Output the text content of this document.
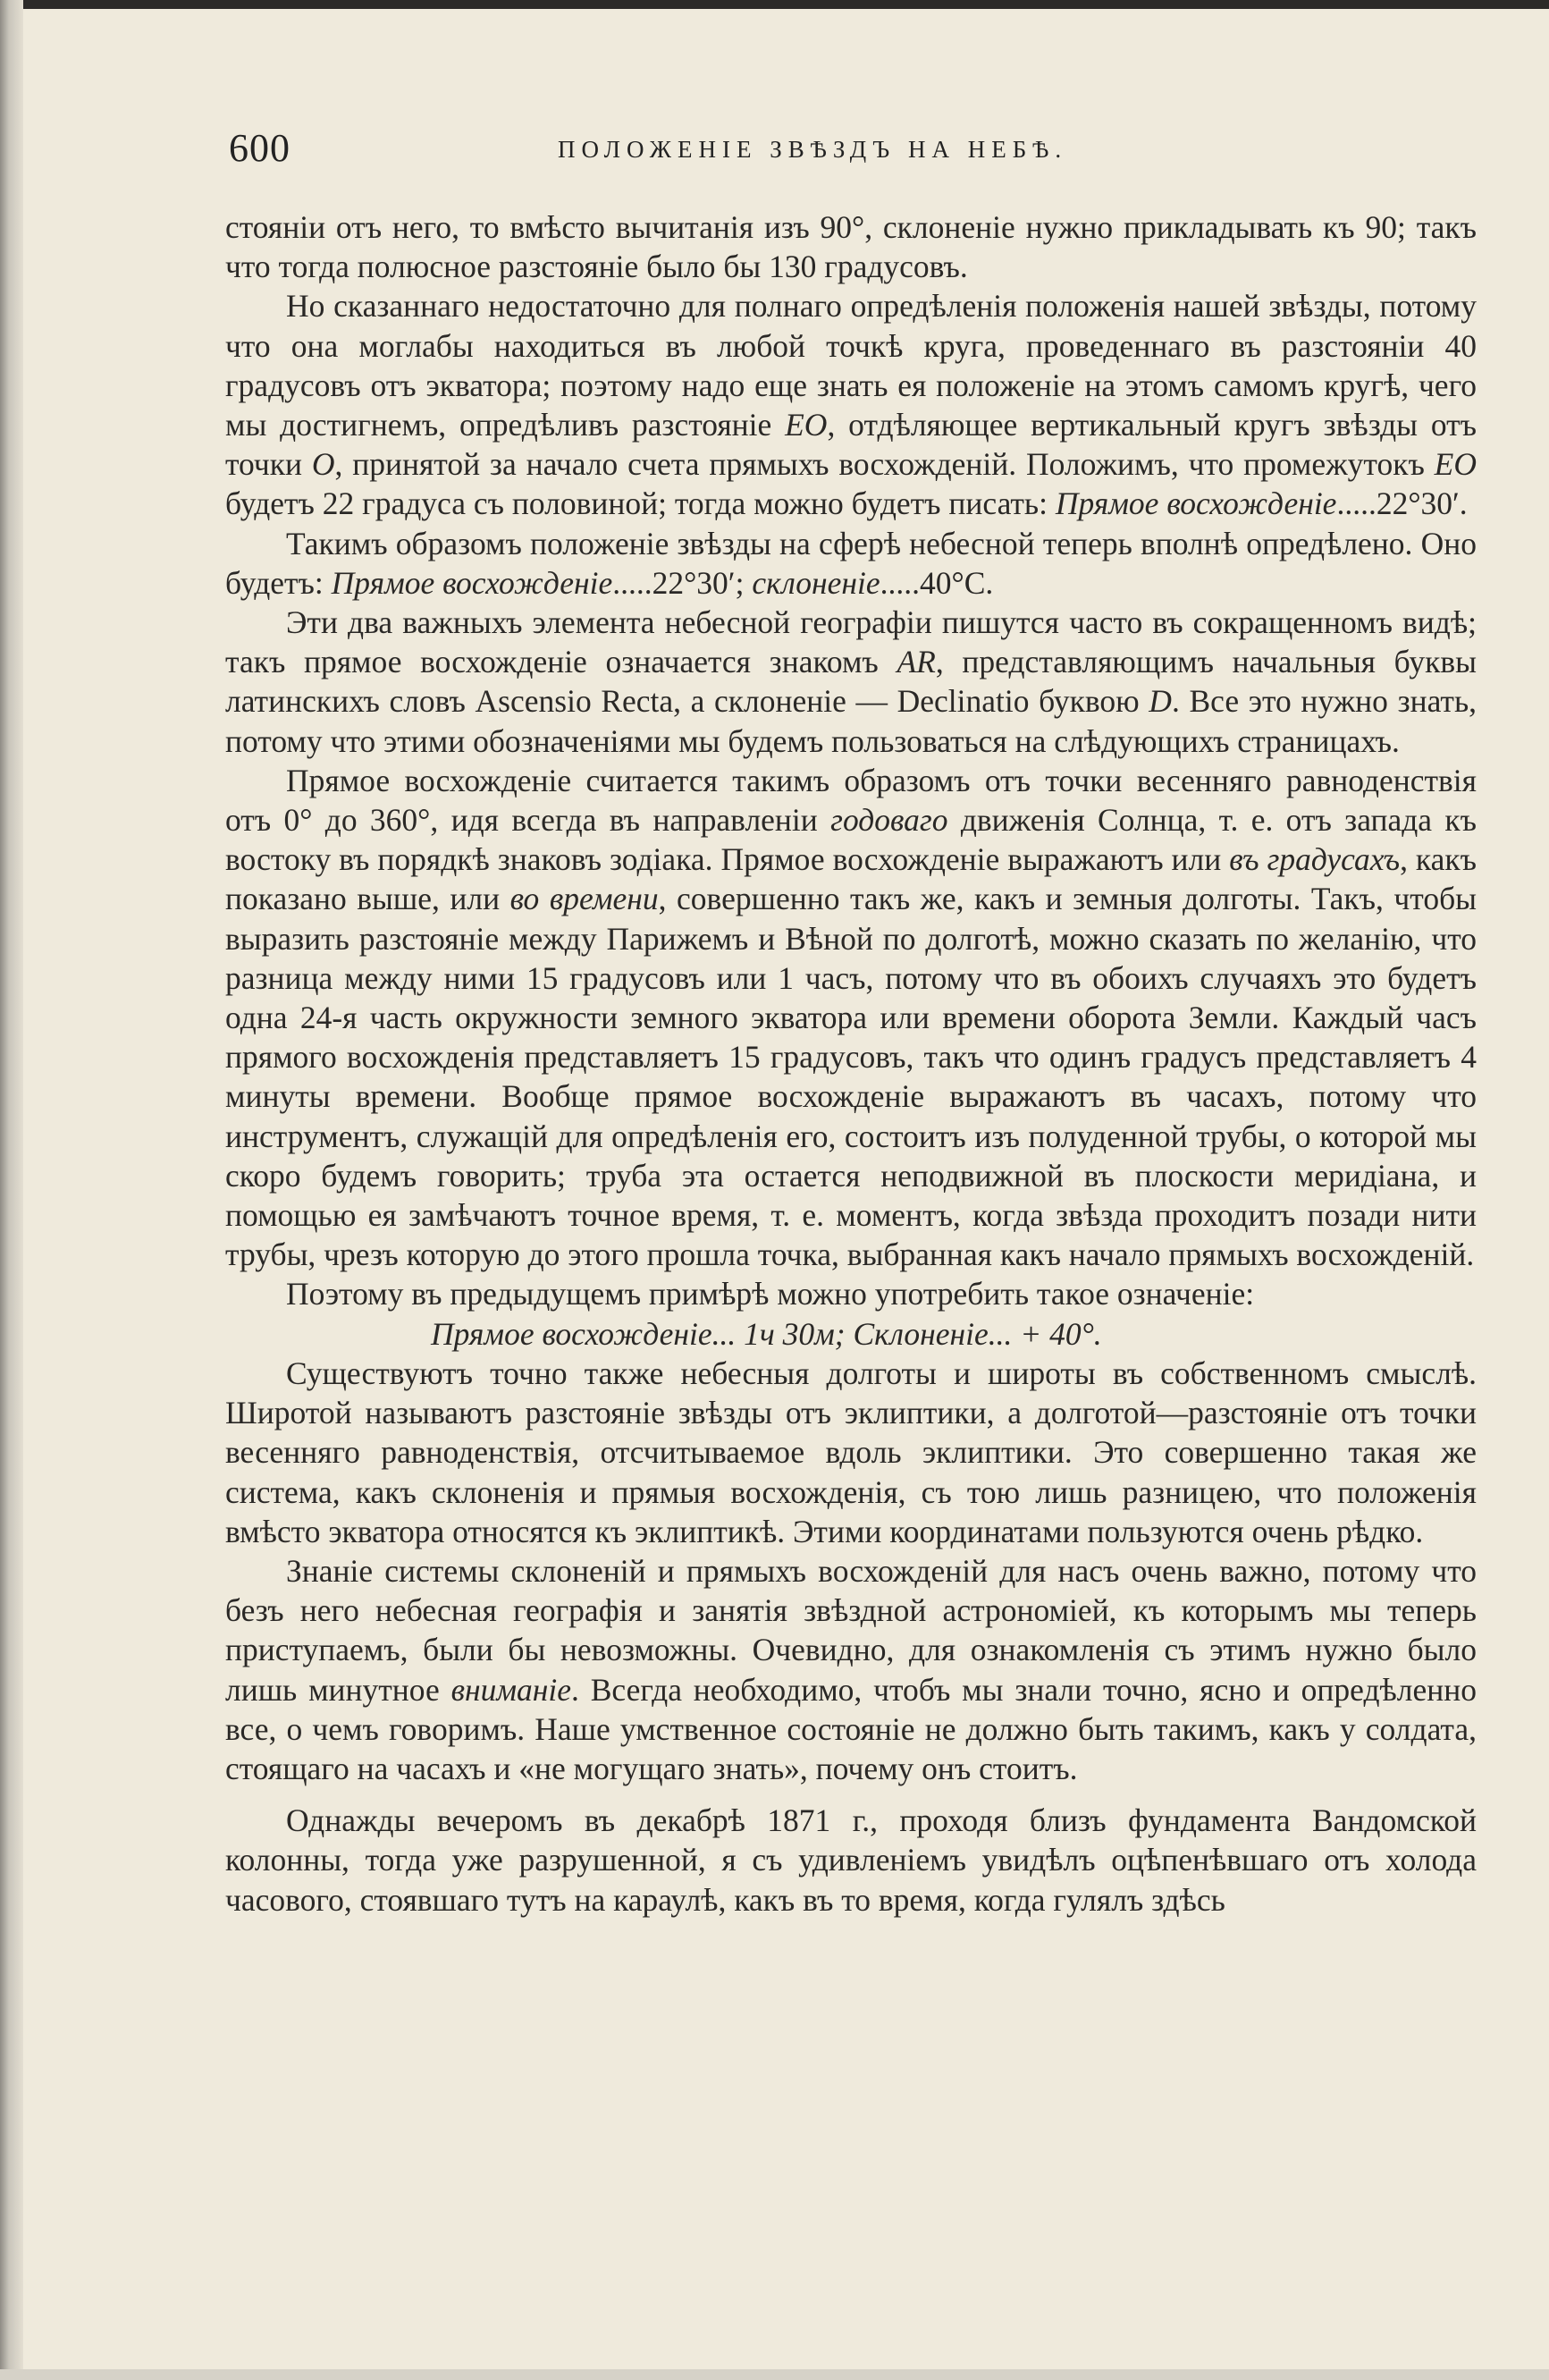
600	ПОЛОЖЕНІЕ ЗВѢЗДЪ НА НЕБѢ.

стояніи отъ него, то вмѣсто вычитанія изъ 90°, склоненіе нужно прикладывать къ 90; такъ что тогда полюсное разстояніе было бы 130 градусовъ.

Но сказаннаго недостаточно для полнаго опредѣленія положенія нашей звѣзды, потому что она моглабы находиться въ любой точкѣ круга, проведеннаго въ разстояніи 40 градусовъ отъ экватора; поэтому надо еще знать ея положеніе на этомъ самомъ кругѣ, чего мы достигнемъ, опредѣливъ разстояніе EO, отдѣляющее вертикальный кругъ звѣзды отъ точки O, принятой за начало счета прямыхъ восхожденій. Положимъ, что промежутокъ EO будетъ 22 градуса съ половиной; тогда можно будетъ писать: Прямое восхожденіе.....22°30′.

Такимъ образомъ положеніе звѣзды на сферѣ небесной теперь вполнѣ опредѣлено. Оно будетъ: Прямое восхожденіе.....22°30′; склоненіе.....40°С.

Эти два важныхъ элемента небесной географіи пишутся часто въ сокращенномъ видѣ; такъ прямое восхожденіе означается знакомъ AR, представляющимъ начальныя буквы латинскихъ словъ Ascensio Recta, а склоненіе — Declinatio буквою D. Все это нужно знать, потому что этими обозначеніями мы будемъ пользоваться на слѣдующихъ страницахъ.

Прямое восхожденіе считается такимъ образомъ отъ точки весенняго равноденствія отъ 0° до 360°, идя всегда въ направленіи годоваго движенія Солнца, т. е. отъ запада къ востоку въ порядкѣ знаковъ зодіака. Прямое восхожденіе выражаютъ или въ градусахъ, какъ показано выше, или во времени, совершенно такъ же, какъ и земныя долготы. Такъ, чтобы выразить разстояніе между Парижемъ и Вѣной по долготѣ, можно сказать по желанію, что разница между ними 15 градусовъ или 1 часъ, потому что въ обоихъ случаяхъ это будетъ одна 24-я часть окружности земного экватора или времени оборота Земли. Каждый часъ прямого восхожденія представляетъ 15 градусовъ, такъ что одинъ градусъ представляетъ 4 минуты времени. Вообще прямое восхожденіе выражаютъ въ часахъ, потому что инструментъ, служащій для опредѣленія его, состоитъ изъ полуденной трубы, о которой мы скоро будемъ говорить; труба эта остается неподвижной въ плоскости меридіана, и помощью ея замѣчаютъ точное время, т. е. моментъ, когда звѣзда проходитъ позади нити трубы, чрезъ которую до этого прошла точка, выбранная какъ начало прямыхъ восхожденій.

Поэтому въ предыдущемъ примѣрѣ можно употребить такое означеніе:

Прямое восхожденіе... 1ч 30м; Склоненіе... + 40°.

Существуютъ точно также небесныя долготы и широты въ собственномъ смыслѣ. Широтой называютъ разстояніе звѣзды отъ эклиптики, а долготой—разстояніе отъ точки весенняго равноденствія, отсчитываемое вдоль эклиптики. Это совершенно такая же система, какъ склоненія и прямыя восхожденія, съ тою лишь разницею, что положенія вмѣсто экватора относятся къ эклиптикѣ. Этими координатами пользуются очень рѣдко.

Знаніе системы склоненій и прямыхъ восхожденій для насъ очень важно, потому что безъ него небесная географія и занятія звѣздной астрономіей, къ которымъ мы теперь приступаемъ, были бы невозможны. Очевидно, для ознакомленія съ этимъ нужно было лишь минутное вниманіе. Всегда необходимо, чтобъ мы знали точно, ясно и опредѣленно все, о чемъ говоримъ. Наше умственное состояніе не должно быть такимъ, какъ у солдата, стоящаго на часахъ и «не могущаго знать», почему онъ стоитъ.

Однажды вечеромъ въ декабрѣ 1871 г., проходя близъ фундамента Вандомской колонны, тогда уже разрушенной, я съ удивленіемъ увидѣлъ оцѣпенѣвшаго отъ холода часового, стоявшаго тутъ на караулѣ, какъ въ то время, когда гулялъ здѣсь
